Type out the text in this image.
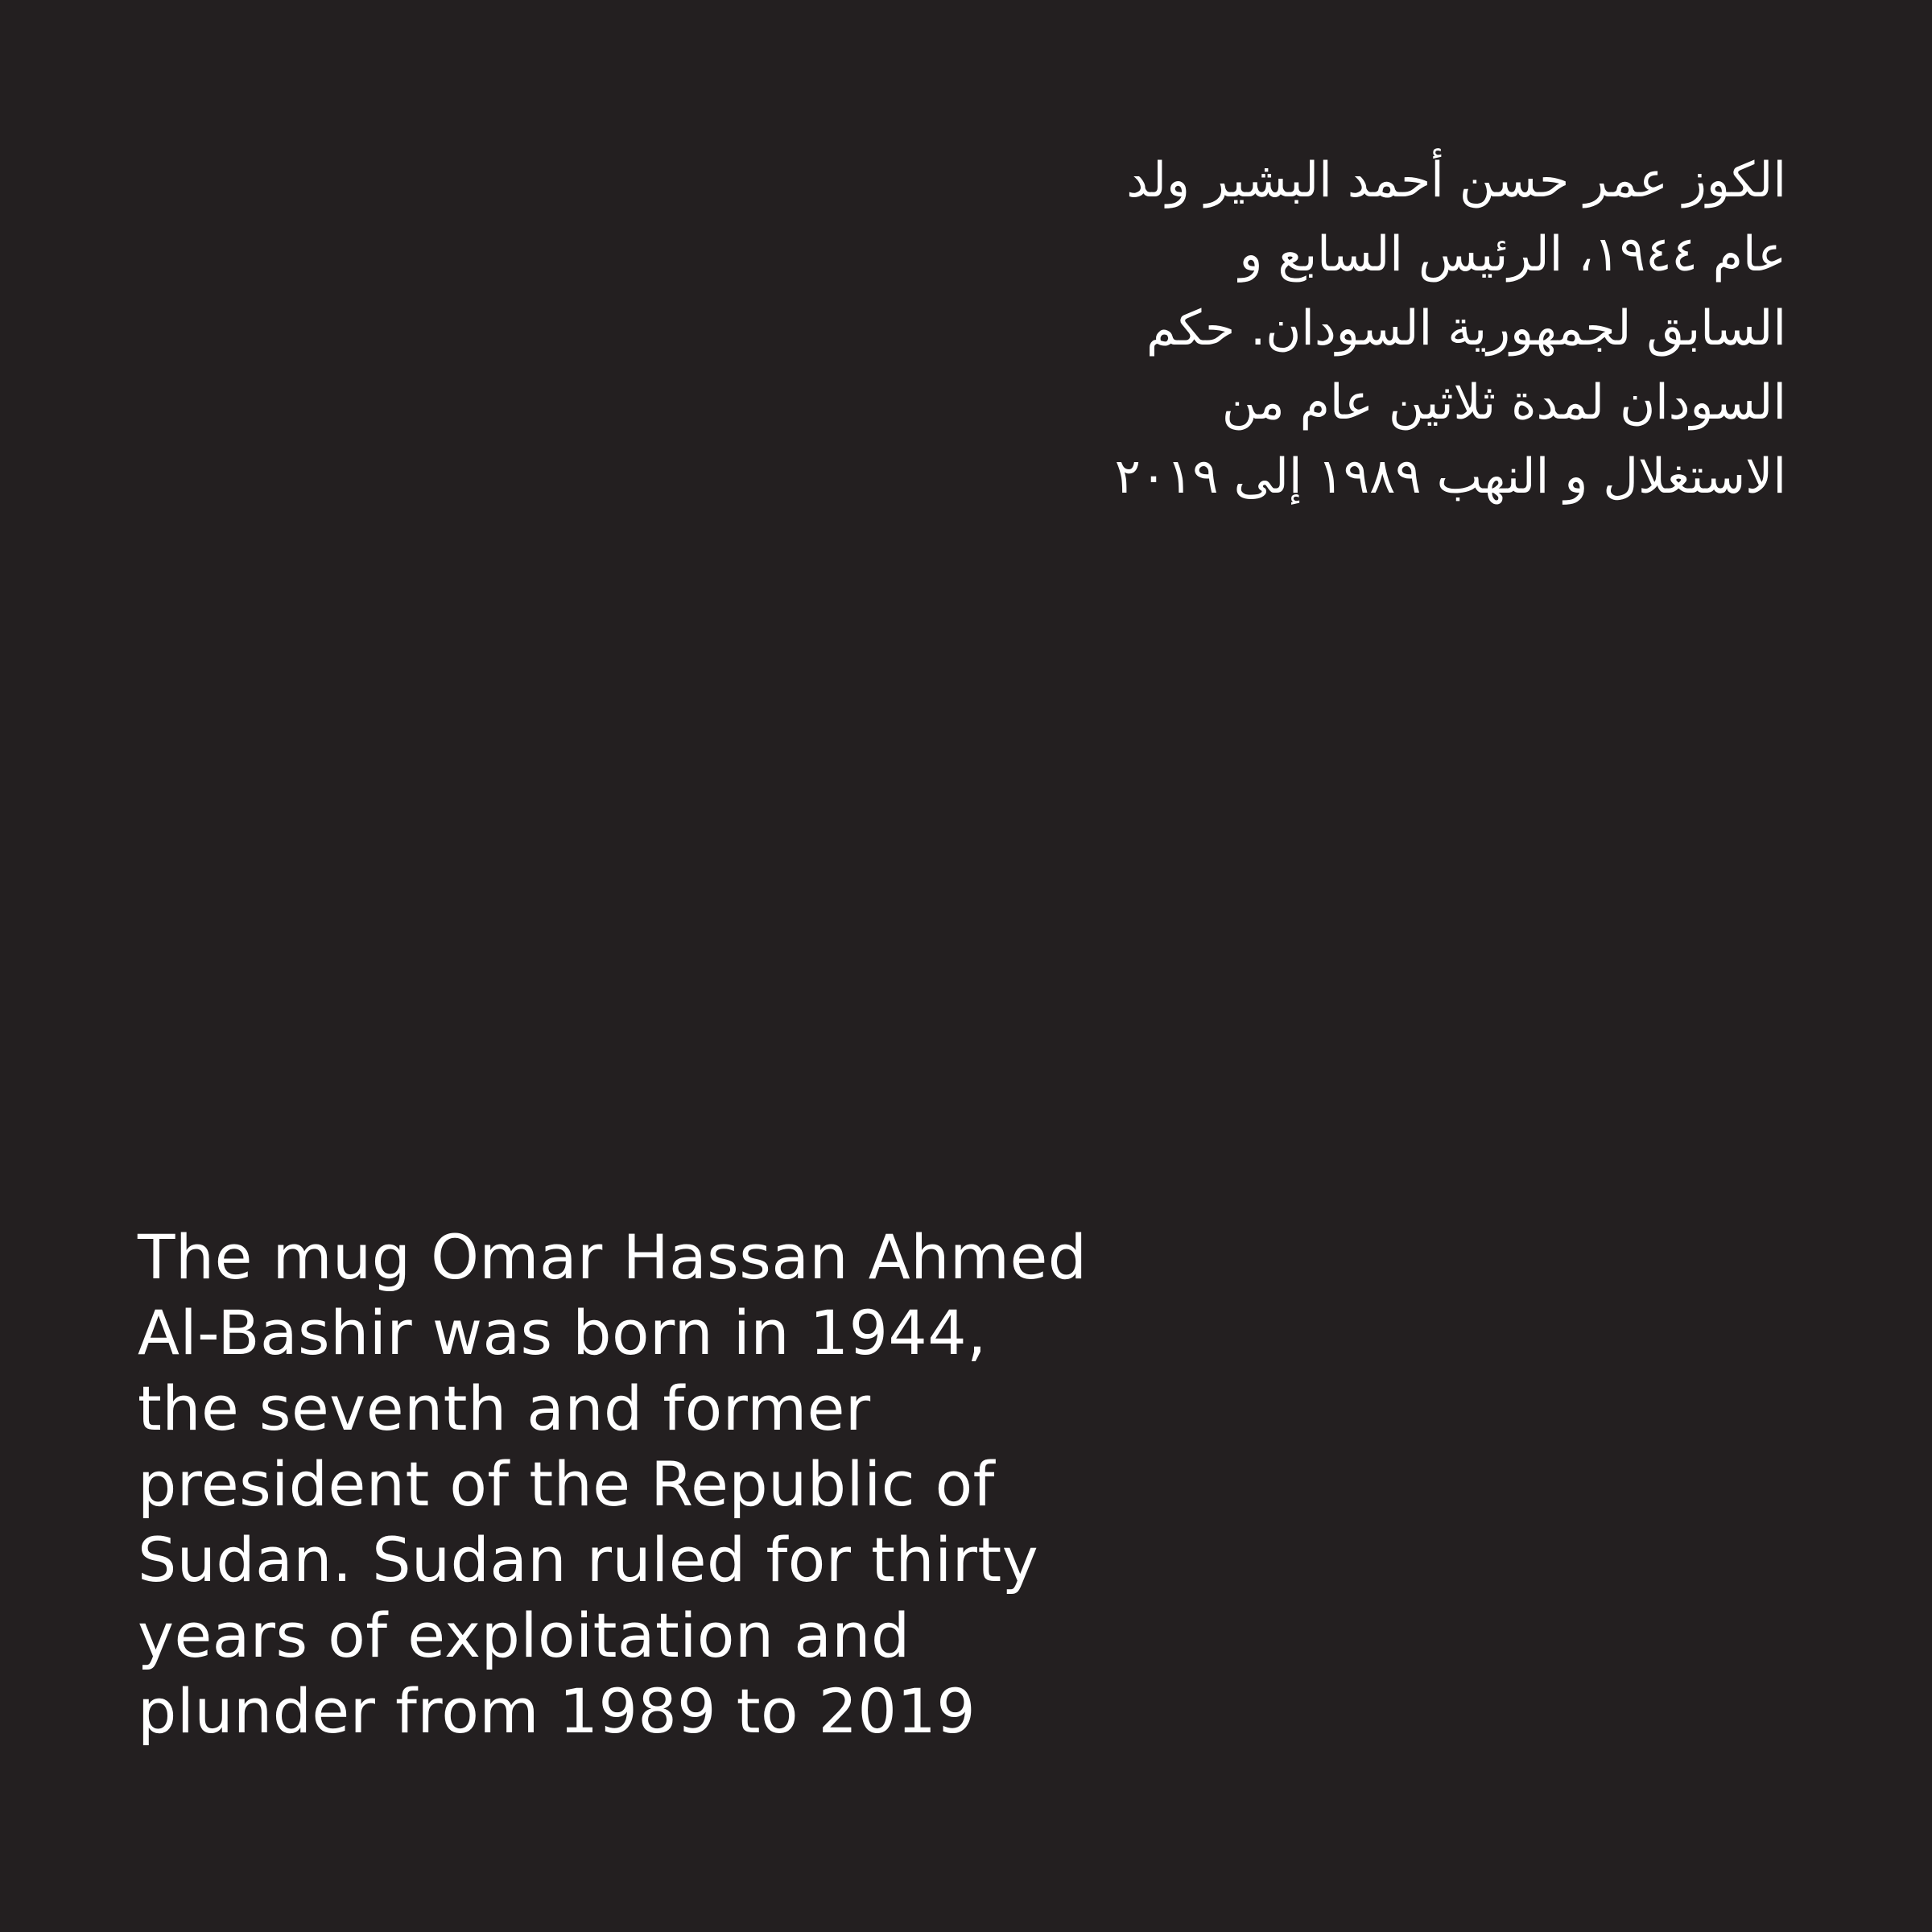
الكوز عمر حسن أحمد البشير ولد
عام ١٩٤٤، الرئيس السابع و
السابق لجمهورية السودان. حكم
السودان لمدة ثلاثين عام من
الاستغلال و النهب ١٩٨٩ إلى ٢٠١٩
The mug Omar Hassan Ahmed
Al-Bashir was born in 1944,
the seventh and former
president of the Republic of
Sudan. Sudan ruled for thirty
years of exploitation and
plunder from 1989 to 2019
